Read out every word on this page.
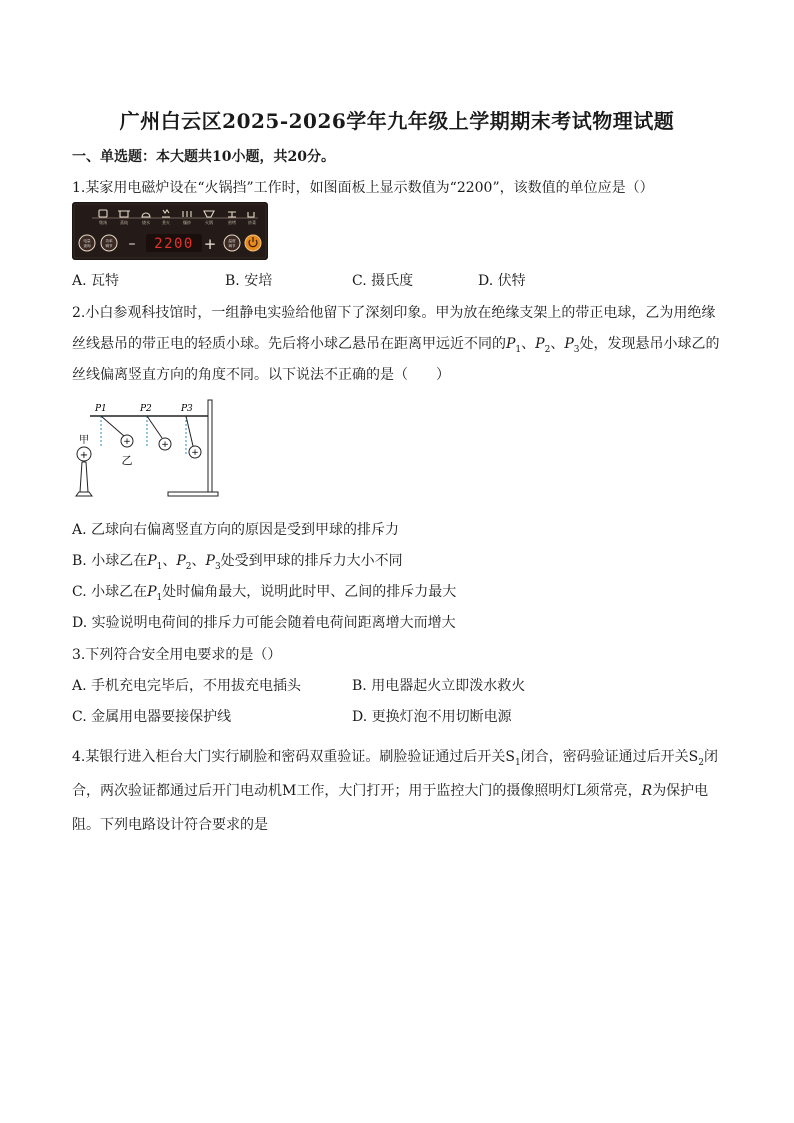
广州白云区2025-2026学年九年级上学期期末考试物理试题
一、单选题：本大题共10小题，共20分。
1.某家用电磁炉设在“火锅挡”工作时，如图面板上显示数值为“2200”，该数值的单位应是（）
煲汤	蒸炖	烧水	煮火	爆炒	火锅	煎烤	炒菜
电量
查询
功率
调节 – 2200 +	温度
调节
A. 瓦特	B. 安培	C. 摄氏度	D. 伏特
2.小白参观科技馆时，一组静电实验给他留下了深刻印象。甲为放在绝缘支架上的带正电球，乙为用绝缘
丝线悬吊的带正电的轻质小球。先后将小球乙悬吊在距离甲远近不同的$P_1$、$P_2$、$P_3$处，发现悬吊小球乙的
丝线偏离竖直方向的角度不同。以下说法不正确的是（　　）
+
甲
P1	P2	P3
+	+
+
乙
A. 乙球向右偏离竖直方向的原因是受到甲球的排斥力
B. 小球乙在$P_1$、$P_2$、$P_3$处受到甲球的排斥力大小不同
C. 小球乙在$P_1$处时偏角最大，说明此时甲、乙间的排斥力最大
D. 实验说明电荷间的排斥力可能会随着电荷间距离增大而增大
3.下列符合安全用电要求的是（）
A. 手机充电完毕后，不用拔充电插头	B. 用电器起火立即泼水救火
C. 金属用电器要接保护线	D. 更换灯泡不用切断电源
4.某银行进入柜台大门实行刷脸和密码双重验证。刷脸验证通过后开关$S_1$闭合，密码验证通过后开关$S_2$闭
合，两次验证都通过后开门电动机M工作，大门打开；用于监控大门的摄像照明灯L须常亮，R为保护电
阻。下列电路设计符合要求的是
